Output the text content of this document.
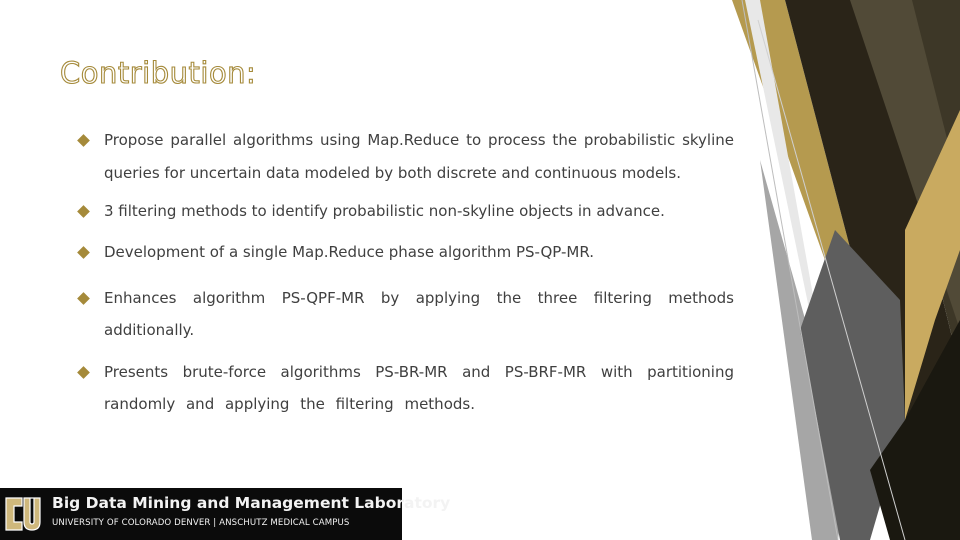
Contribution:
Propose parallel algorithms using Map.Reduce to process the probabilistic skyline queries for uncertain data modeled by both discrete and continuous models.
3 filtering methods to identify probabilistic non-skyline objects in advance.
Development of a single Map.Reduce phase algorithm PS-QP-MR.
Enhances algorithm PS-QPF-MR by applying the three filtering methods additionally.
Presents brute-force algorithms PS-BR-MR and PS-BRF-MR with partitioning randomly and applying the filtering methods.
Big Data Mining and Management Laboratory
UNIVERSITY OF COLORADO DENVER | ANSCHUTZ MEDICAL CAMPUS
